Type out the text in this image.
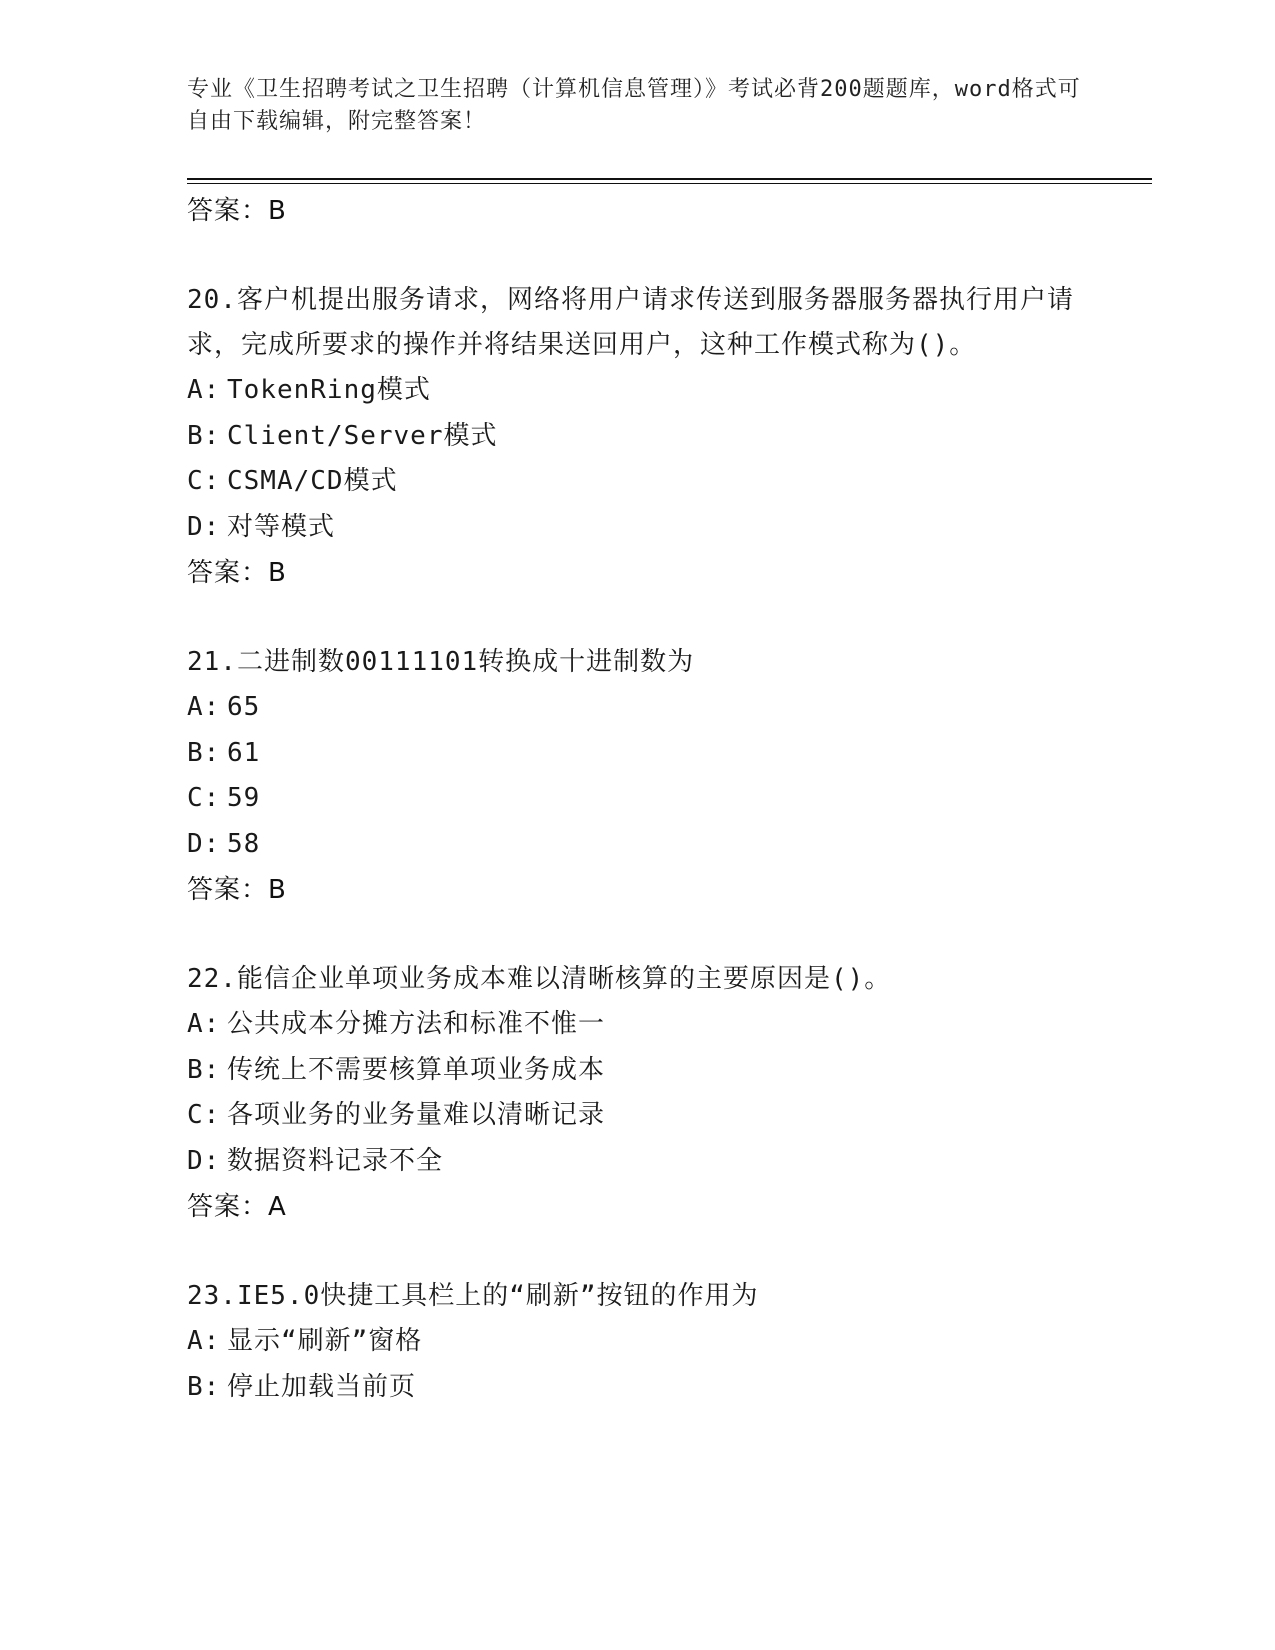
专业《卫生招聘考试之卫生招聘（计算机信息管理）》考试必背200题题库，word格式可自由下载编辑，附完整答案！
答案：B
20.客户机提出服务请求，网络将用户请求传送到服务器服务器执行用户请求，完成所要求的操作并将结果送回用户，这种工作模式称为()。
A: TokenRing模式
B: Client/Server模式
C: CSMA/CD模式
D: 对等模式
答案：B
21.二进制数00111101转换成十进制数为
A: 65
B: 61
C: 59
D: 58
答案：B
22.能信企业单项业务成本难以清晰核算的主要原因是()。
A: 公共成本分摊方法和标准不惟一
B: 传统上不需要核算单项业务成本
C: 各项业务的业务量难以清晰记录
D: 数据资料记录不全
答案：A
23.IE5.0快捷工具栏上的“刷新”按钮的作用为
A: 显示“刷新”窗格
B: 停止加载当前页
